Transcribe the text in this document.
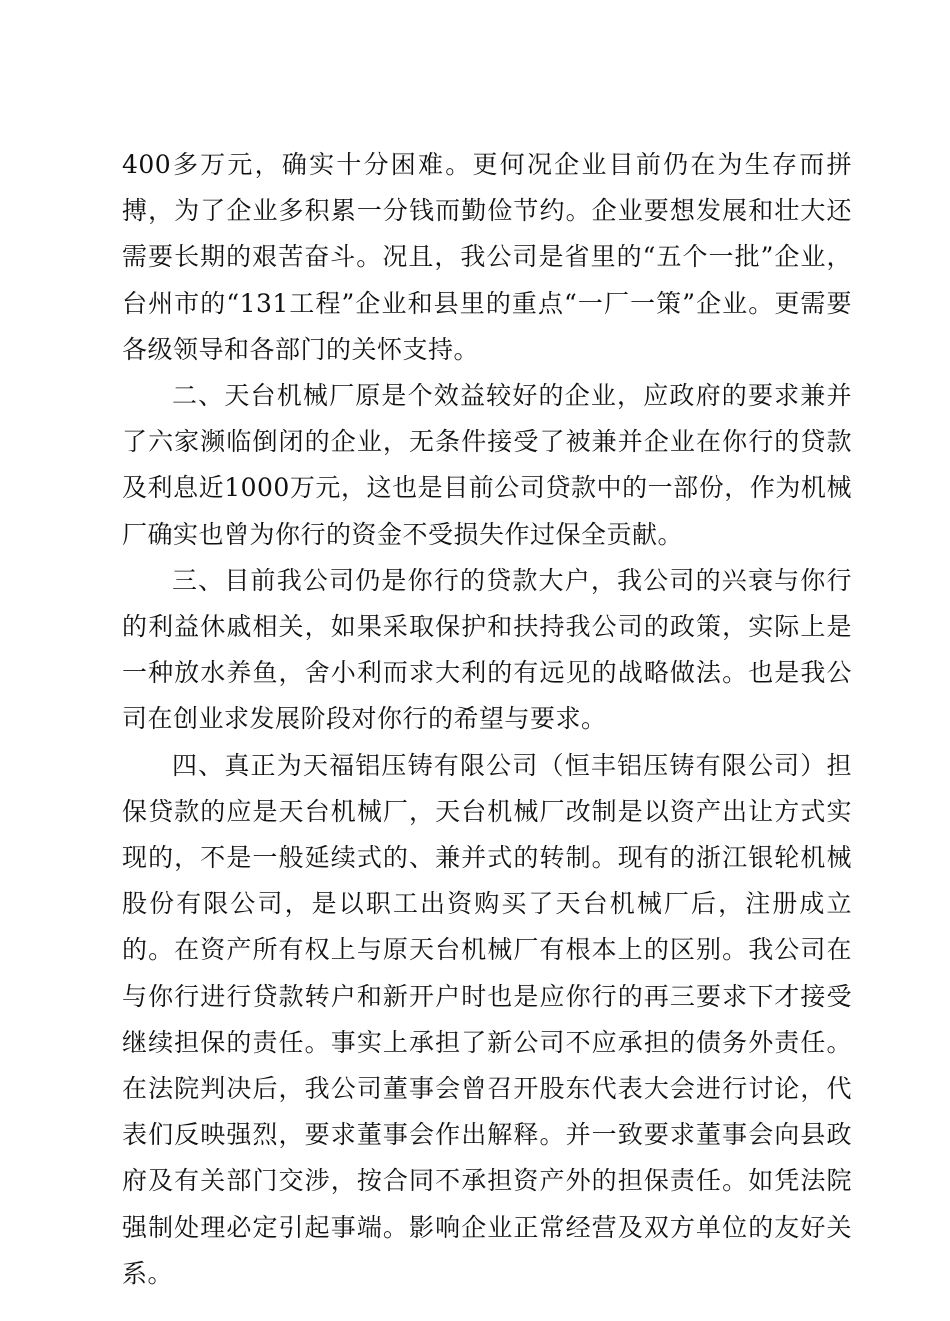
400多万元，确实十分困难。更何况企业目前仍在为生存而拼搏，为了企业多积累一分钱而勤俭节约。企业要想发展和壮大还需要长期的艰苦奋斗。况且，我公司是省里的“五个一批”企业，台州市的“131工程”企业和县里的重点“一厂一策”企业。更需要各级领导和各部门的关怀支持。

二、天台机械厂原是个效益较好的企业，应政府的要求兼并了六家濒临倒闭的企业，无条件接受了被兼并企业在你行的贷款及利息近1000万元，这也是目前公司贷款中的一部份，作为机械厂确实也曾为你行的资金不受损失作过保全贡献。

三、目前我公司仍是你行的贷款大户，我公司的兴衰与你行的利益休戚相关，如果采取保护和扶持我公司的政策，实际上是一种放水养鱼，舍小利而求大利的有远见的战略做法。也是我公司在创业求发展阶段对你行的希望与要求。

四、真正为天福铝压铸有限公司（恒丰铝压铸有限公司）担保贷款的应是天台机械厂，天台机械厂改制是以资产出让方式实现的，不是一般延续式的、兼并式的转制。现有的浙江银轮机械股份有限公司，是以职工出资购买了天台机械厂后，注册成立的。在资产所有权上与原天台机械厂有根本上的区别。我公司在与你行进行贷款转户和新开户时也是应你行的再三要求下才接受继续担保的责任。事实上承担了新公司不应承担的债务外责任。在法院判决后，我公司董事会曾召开股东代表大会进行讨论，代表们反映强烈，要求董事会作出解释。并一致要求董事会向县政府及有关部门交涉，按合同不承担资产外的担保责任。如凭法院强制处理必定引起事端。影响企业正常经营及双方单位的友好关系。
